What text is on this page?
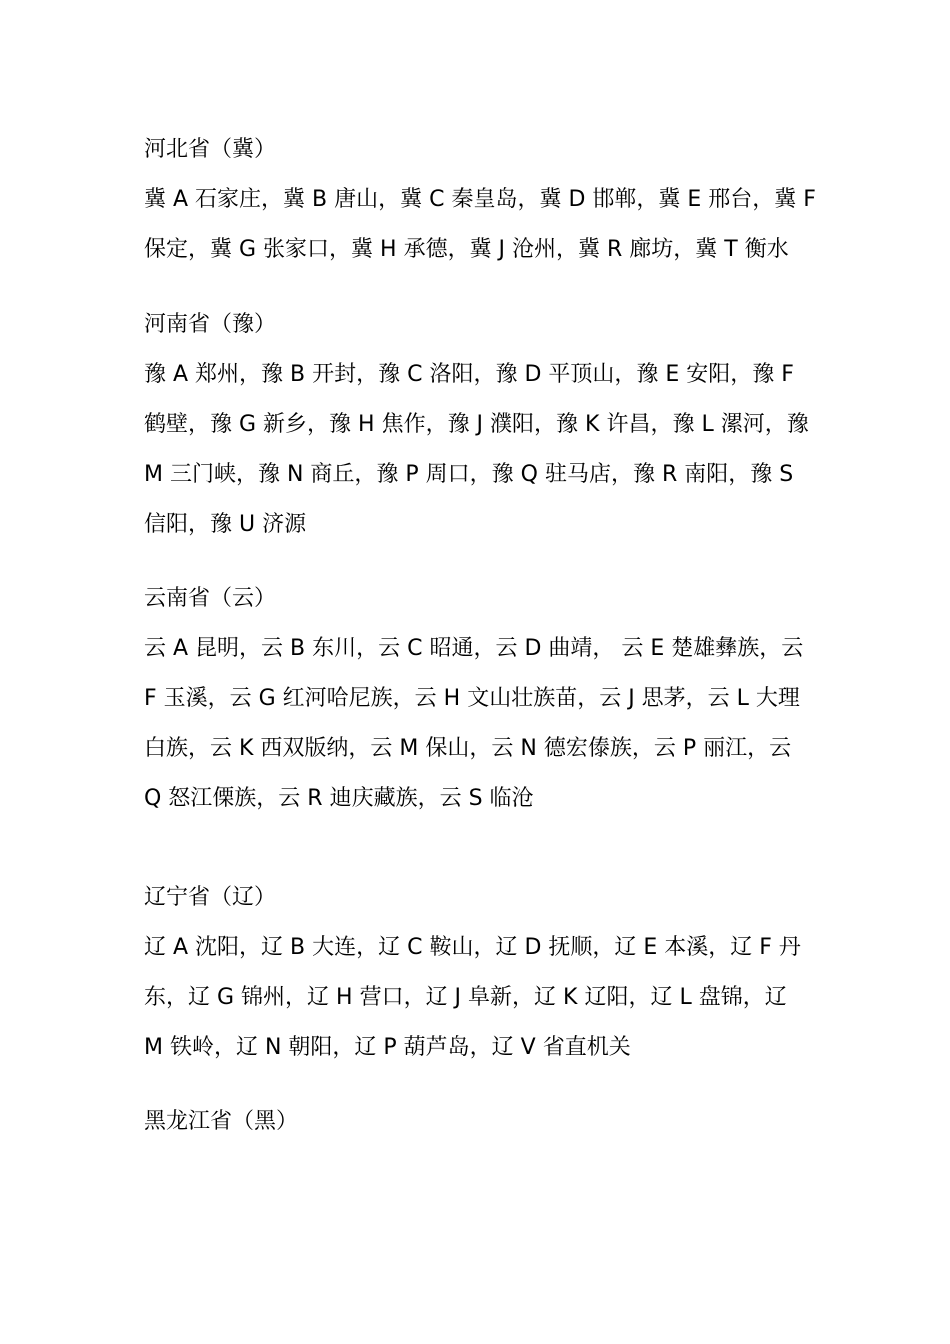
河北省（冀）

冀 A 石家庄，冀 B 唐山，冀 C 秦皇岛，冀 D 邯郸，冀 E 邢台，冀 F

保定，冀 G 张家口，冀 H 承德，冀 J 沧州，冀 R 廊坊，冀 T 衡水

河南省（豫）

豫 A 郑州，豫 B 开封，豫 C 洛阳，豫 D 平顶山，豫 E 安阳，豫 F

鹤壁，豫 G 新乡，豫 H 焦作，豫 J 濮阳，豫 K 许昌，豫 L 漯河，豫

M 三门峡，豫 N 商丘，豫 P 周口，豫 Q 驻马店，豫 R 南阳，豫 S

信阳，豫 U 济源

云南省（云）

云 A 昆明，云 B 东川，云 C 昭通，云 D 曲靖， 云 E 楚雄彝族，云

F 玉溪，云 G 红河哈尼族，云 H 文山壮族苗，云 J 思茅，云 L 大理

白族，云 K 西双版纳，云 M 保山，云 N 德宏傣族，云 P 丽江，云

Q 怒江傈族，云 R 迪庆藏族，云 S 临沧

辽宁省（辽）

辽 A 沈阳，辽 B 大连，辽 C 鞍山，辽 D 抚顺，辽 E 本溪，辽 F 丹

东，辽 G 锦州，辽 H 营口，辽 J 阜新，辽 K 辽阳，辽 L 盘锦，辽

M 铁岭，辽 N 朝阳，辽 P 葫芦岛，辽 V 省直机关

黑龙江省（黑）
